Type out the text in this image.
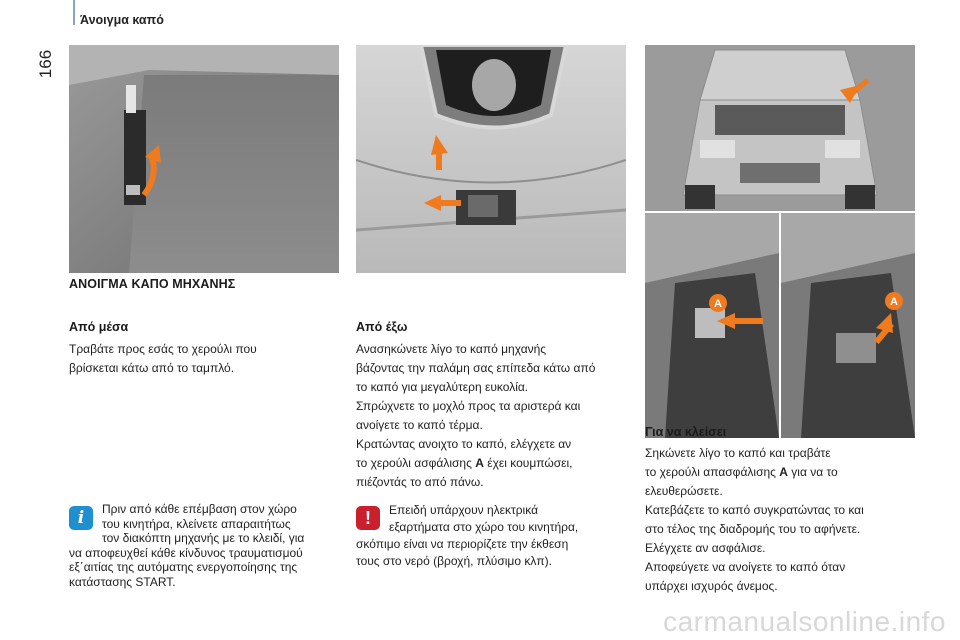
166
Άνοιγμα καπό
A	A
ΑΝΟΙΓΜΑ ΚΑΠΟ ΜΗΧΑΝΗΣ
Από μέσα

Τραβάτε προς εσάς το χερούλι που

βρίσκεται κάτω από το ταμπλό.

Από έξω

Ανασηκώνετε λίγο το καπό μηχανής

βάζοντας την παλάμη σας επίπεδα κάτω από

το καπό για μεγαλύτερη ευκολία.

Σπρώχνετε το μοχλό προς τα αριστερά και

ανοίγετε το καπό τέρμα.

Κρατώντας ανοιχτο το καπό, ελέγχετε αν

το χερούλι ασφάλισης A έχει κουμπώσει,

πιέζοντάς το από πάνω.

Για να κλείσει

Σηκώνετε λίγο το καπό και τραβάτε

το χερούλι απασφάλισης A για να το

ελευθερώσετε.

Κατεβάζετε το καπό συγκρατώντας το και

στο τέλος της διαδρομής του το αφήνετε.

Ελέγχετε αν ασφάλισε.

Αποφεύγετε να ανοίγετε το καπό όταν

υπάρχει ισχυρός άνεμος.

i	Πριν από κάθε επέμβαση στον χώρο
του κινητήρα, κλείνετε απαραιτήτως
τον διακόπτη μηχανής με το κλειδί, για
να αποφευχθεί κάθε κίνδυνος τραυματισμού
εξ΄αιτίας της αυτόματης ενεργοποίησης της
κατάστασης START.
!	Επειδή υπάρχουν ηλεκτρικά
εξαρτήματα στο χώρο του κινητήρα,
σκόπιμο είναι να περιορίζετε την έκθεση
τους στο νερό (βροχή, πλύσιμο κλπ).
carmanualsonline.info
